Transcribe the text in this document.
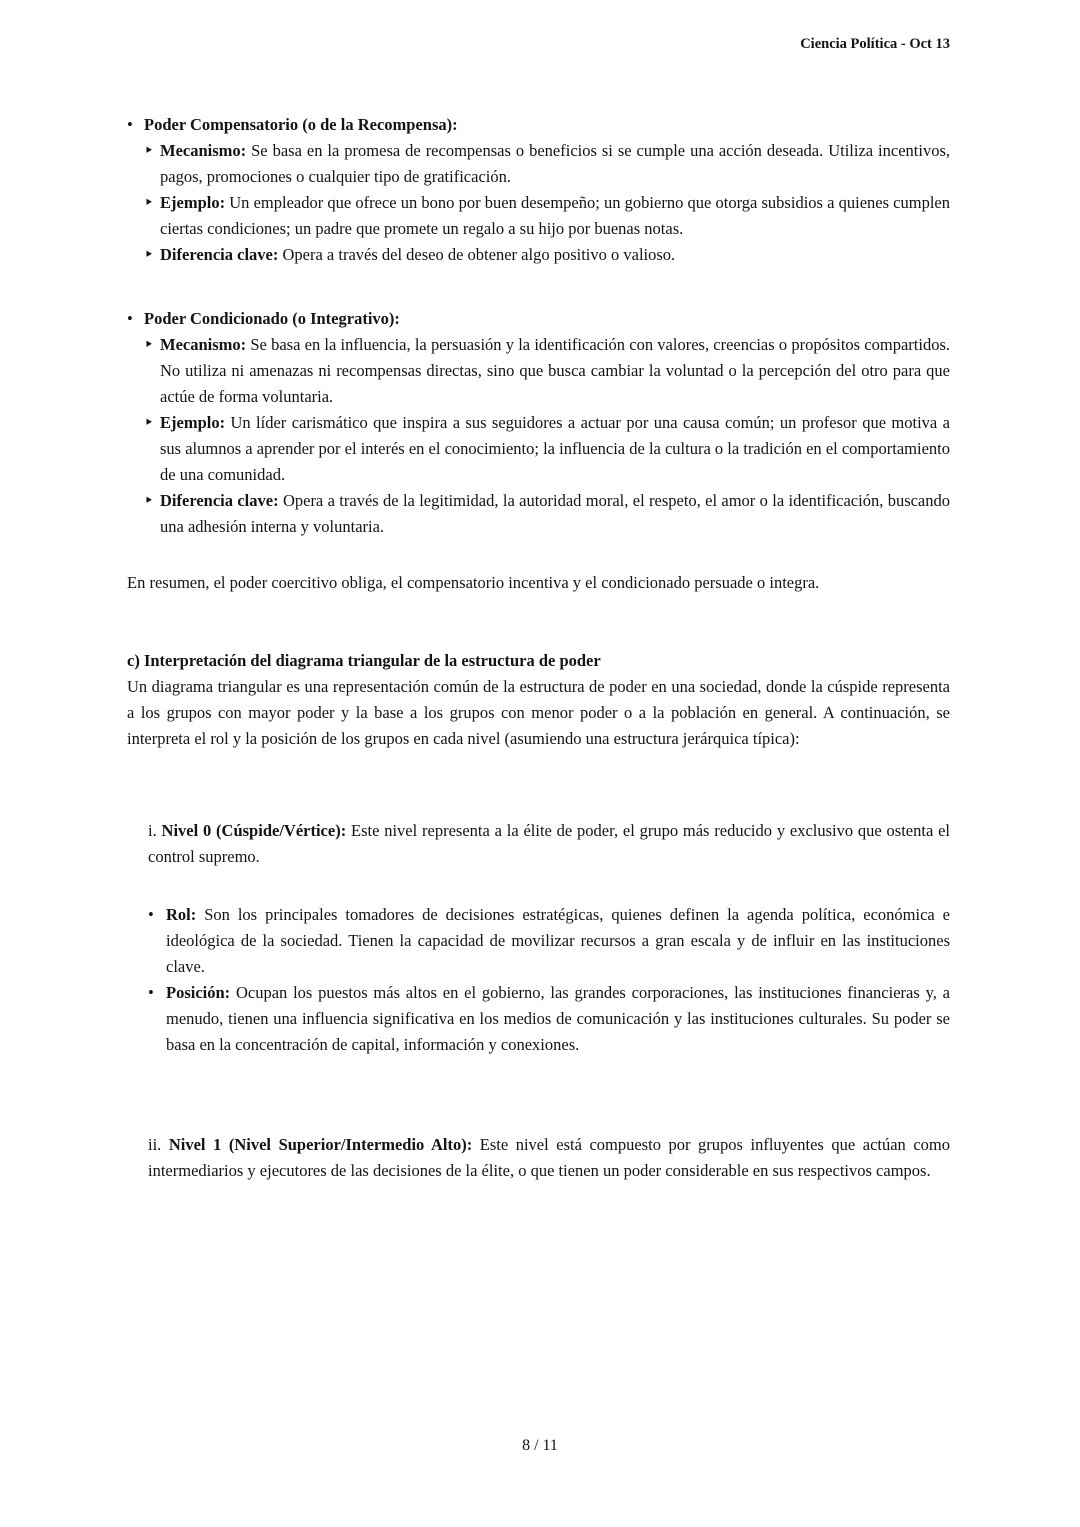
Ciencia Política - Oct 13
• Poder Compensatorio (o de la Recompensa):
‣ Mecanismo: Se basa en la promesa de recompensas o beneficios si se cumple una acción deseada. Utiliza incentivos, pagos, promociones o cualquier tipo de gratificación.
‣ Ejemplo: Un empleador que ofrece un bono por buen desempeño; un gobierno que otorga subsidios a quienes cumplen ciertas condiciones; un padre que promete un regalo a su hijo por buenas notas.
‣ Diferencia clave: Opera a través del deseo de obtener algo positivo o valioso.
• Poder Condicionado (o Integrativo):
‣ Mecanismo: Se basa en la influencia, la persuasión y la identificación con valores, creencias o propósitos compartidos. No utiliza ni amenazas ni recompensas directas, sino que busca cambiar la voluntad o la percepción del otro para que actúe de forma voluntaria.
‣ Ejemplo: Un líder carismático que inspira a sus seguidores a actuar por una causa común; un profesor que motiva a sus alumnos a aprender por el interés en el conocimiento; la influencia de la cultura o la tradición en el comportamiento de una comunidad.
‣ Diferencia clave: Opera a través de la legitimidad, la autoridad moral, el respeto, el amor o la identificación, buscando una adhesión interna y voluntaria.

En resumen, el poder coercitivo obliga, el compensatorio incentiva y el condicionado persuade o integra.

c) Interpretación del diagrama triangular de la estructura de poder

Un diagrama triangular es una representación común de la estructura de poder en una sociedad, donde la cúspide representa a los grupos con mayor poder y la base a los grupos con menor poder o a la población en general. A continuación, se interpreta el rol y la posición de los grupos en cada nivel (asumiendo una estructura jerárquica típica):

i. Nivel 0 (Cúspide/Vértice): Este nivel representa a la élite de poder, el grupo más reducido y exclusivo que ostenta el control supremo.

• Rol: Son los principales tomadores de decisiones estratégicas, quienes definen la agenda política, económica e ideológica de la sociedad. Tienen la capacidad de movilizar recursos a gran escala y de influir en las instituciones clave.
• Posición: Ocupan los puestos más altos en el gobierno, las grandes corporaciones, las instituciones financieras y, a menudo, tienen una influencia significativa en los medios de comunicación y las instituciones culturales. Su poder se basa en la concentración de capital, información y conexiones.

ii. Nivel 1 (Nivel Superior/Intermedio Alto): Este nivel está compuesto por grupos influyentes que actúan como intermediarios y ejecutores de las decisiones de la élite, o que tienen un poder considerable en sus respectivos campos.

8 / 11
